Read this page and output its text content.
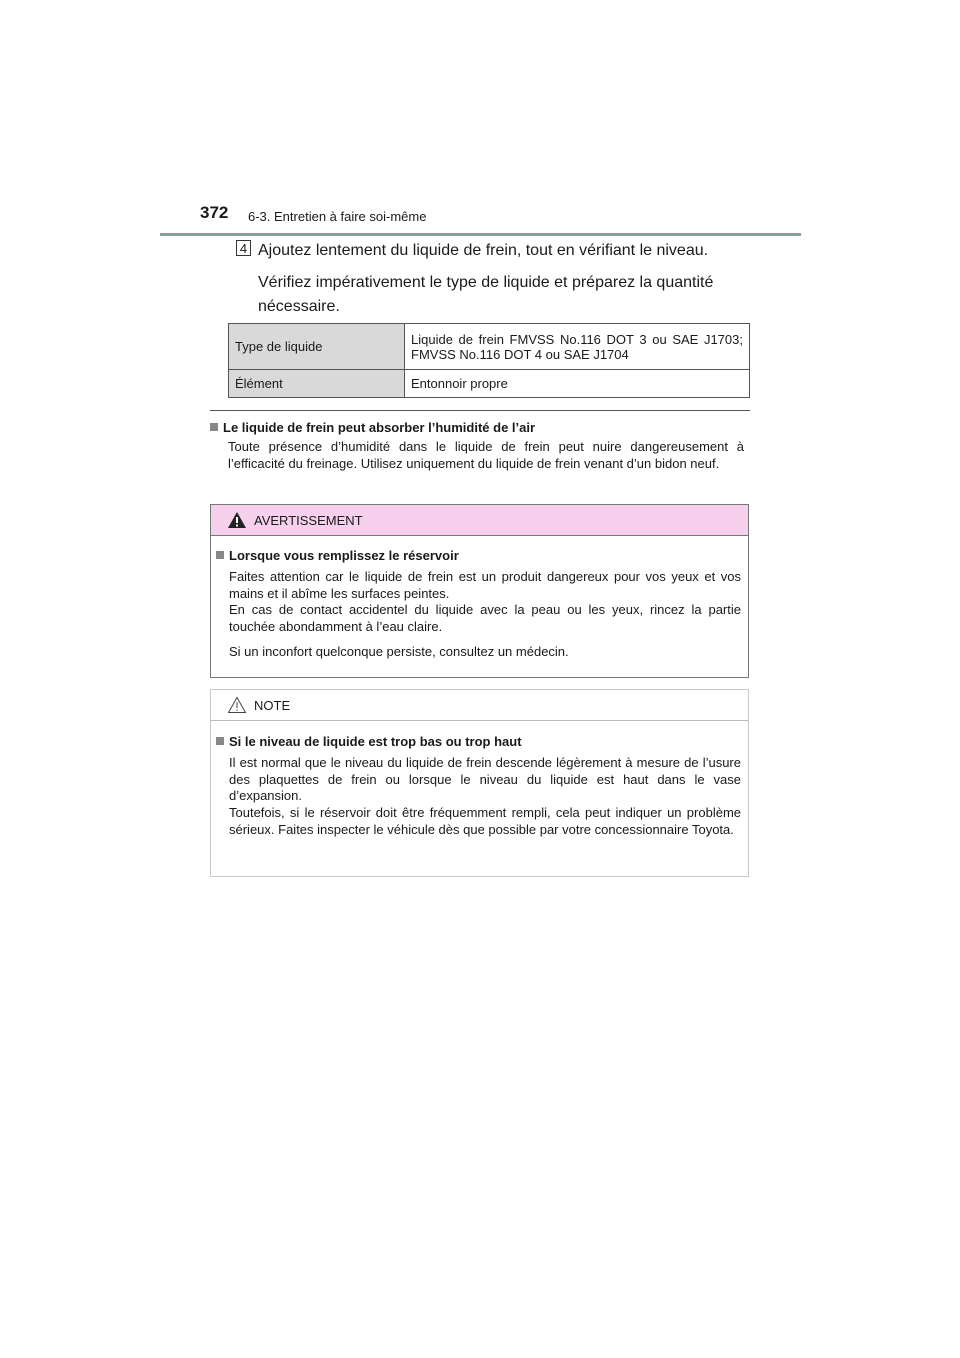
372 6-3. Entretien à faire soi-même
4 Ajoutez lentement du liquide de frein, tout en vérifiant le niveau.
Vérifiez impérativement le type de liquide et préparez la quantité nécessaire.
Type de liquide	Liquide de frein FMVSS No.116 DOT 3 ou SAE J1703; FMVSS No.116 DOT 4 ou SAE J1704
Élément	Entonnoir propre
Le liquide de frein peut absorber l’humidité de l’air
Toute présence d’humidité dans le liquide de frein peut nuire dangereusement à l’efficacité du freinage. Utilisez uniquement du liquide de frein venant d’un bidon neuf.
AVERTISSEMENT
Lorsque vous remplissez le réservoir
Faites attention car le liquide de frein est un produit dangereux pour vos yeux et vos mains et il abîme les surfaces peintes.
En cas de contact accidentel du liquide avec la peau ou les yeux, rincez la partie touchée abondamment à l’eau claire.
Si un inconfort quelconque persiste, consultez un médecin.
NOTE
Si le niveau de liquide est trop bas ou trop haut
Il est normal que le niveau du liquide de frein descende légèrement à mesure de l’usure des plaquettes de frein ou lorsque le niveau du liquide est haut dans le vase d’expansion.
Toutefois, si le réservoir doit être fréquemment rempli, cela peut indiquer un problème sérieux. Faites inspecter le véhicule dès que possible par votre concessionnaire Toyota.
